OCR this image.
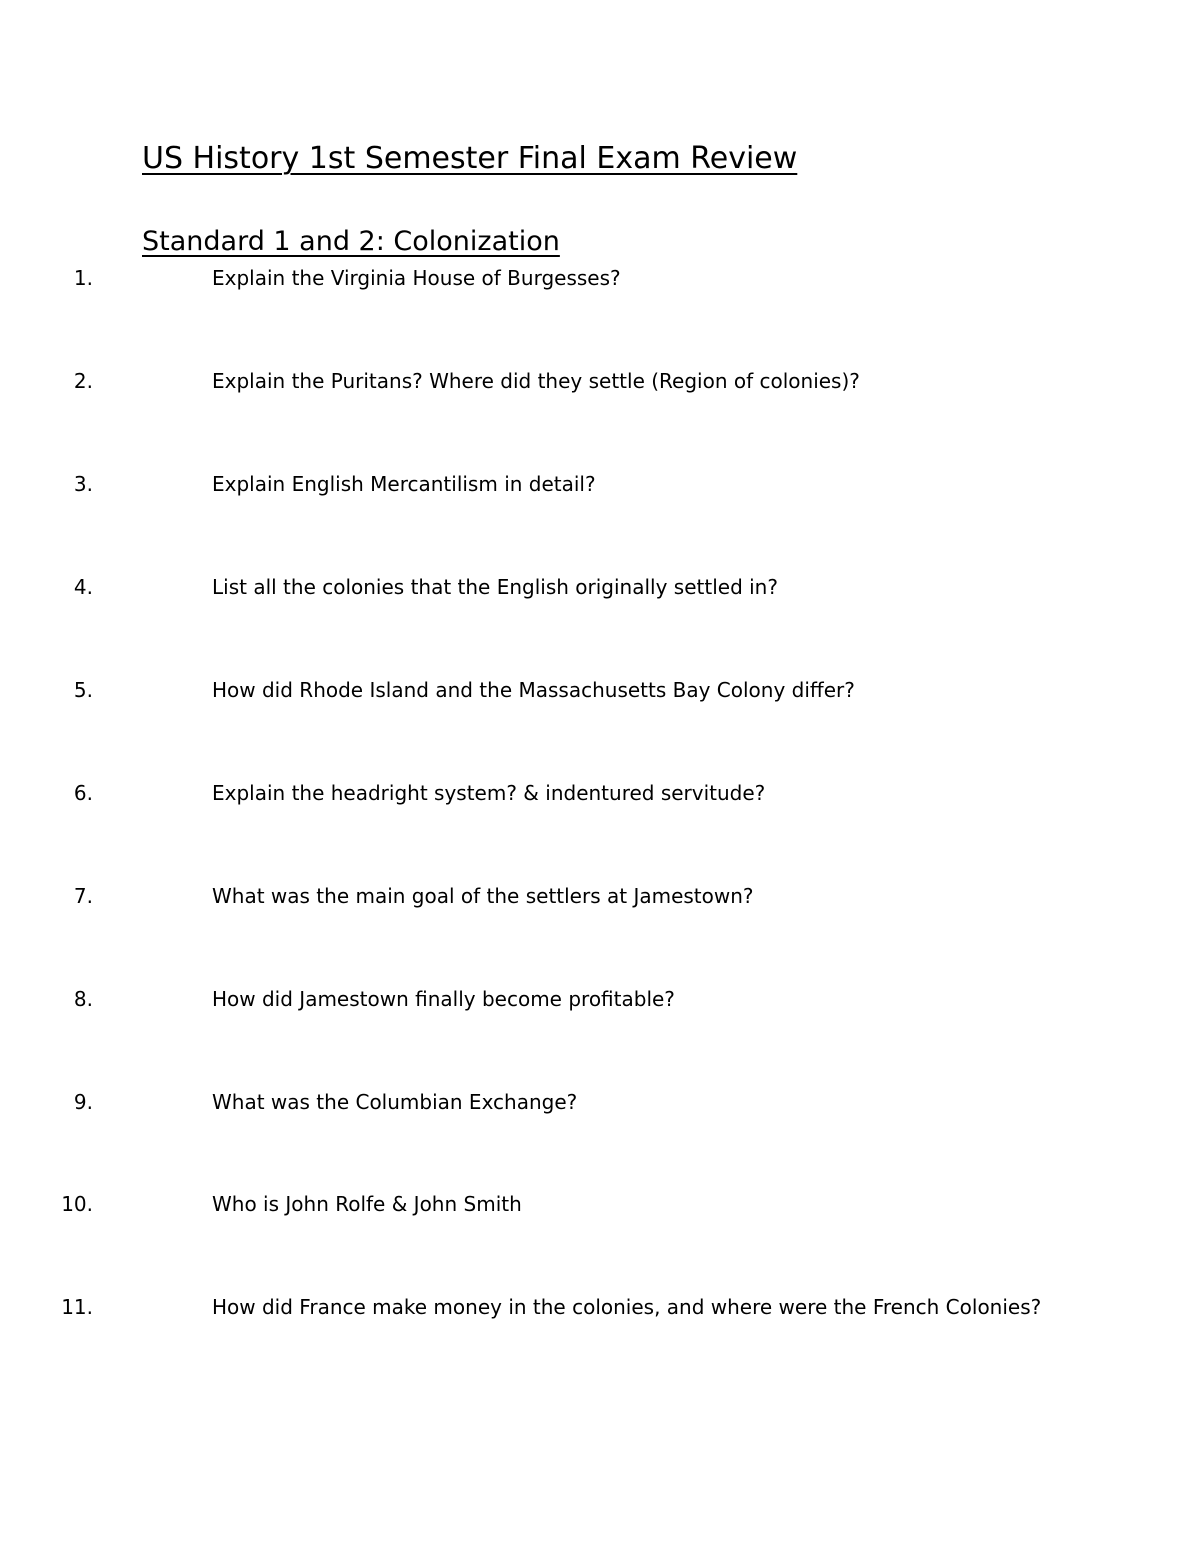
US History 1st Semester Final Exam Review
Standard 1 and 2: Colonization
1.	Explain the Virginia House of Burgesses?
2.	Explain the Puritans? Where did they settle (Region of colonies)?
3.	Explain English Mercantilism in detail?
4.	List all the colonies that the English originally settled in?
5.	How did Rhode Island and the Massachusetts Bay Colony differ?
6.	Explain the headright system? & indentured servitude?
7.	What was the main goal of the settlers at Jamestown?
8.	How did Jamestown finally become profitable?
9.	What was the Columbian Exchange?
10.	Who is John Rolfe & John Smith
11.	How did France make money in the colonies, and where were the French Colonies?
